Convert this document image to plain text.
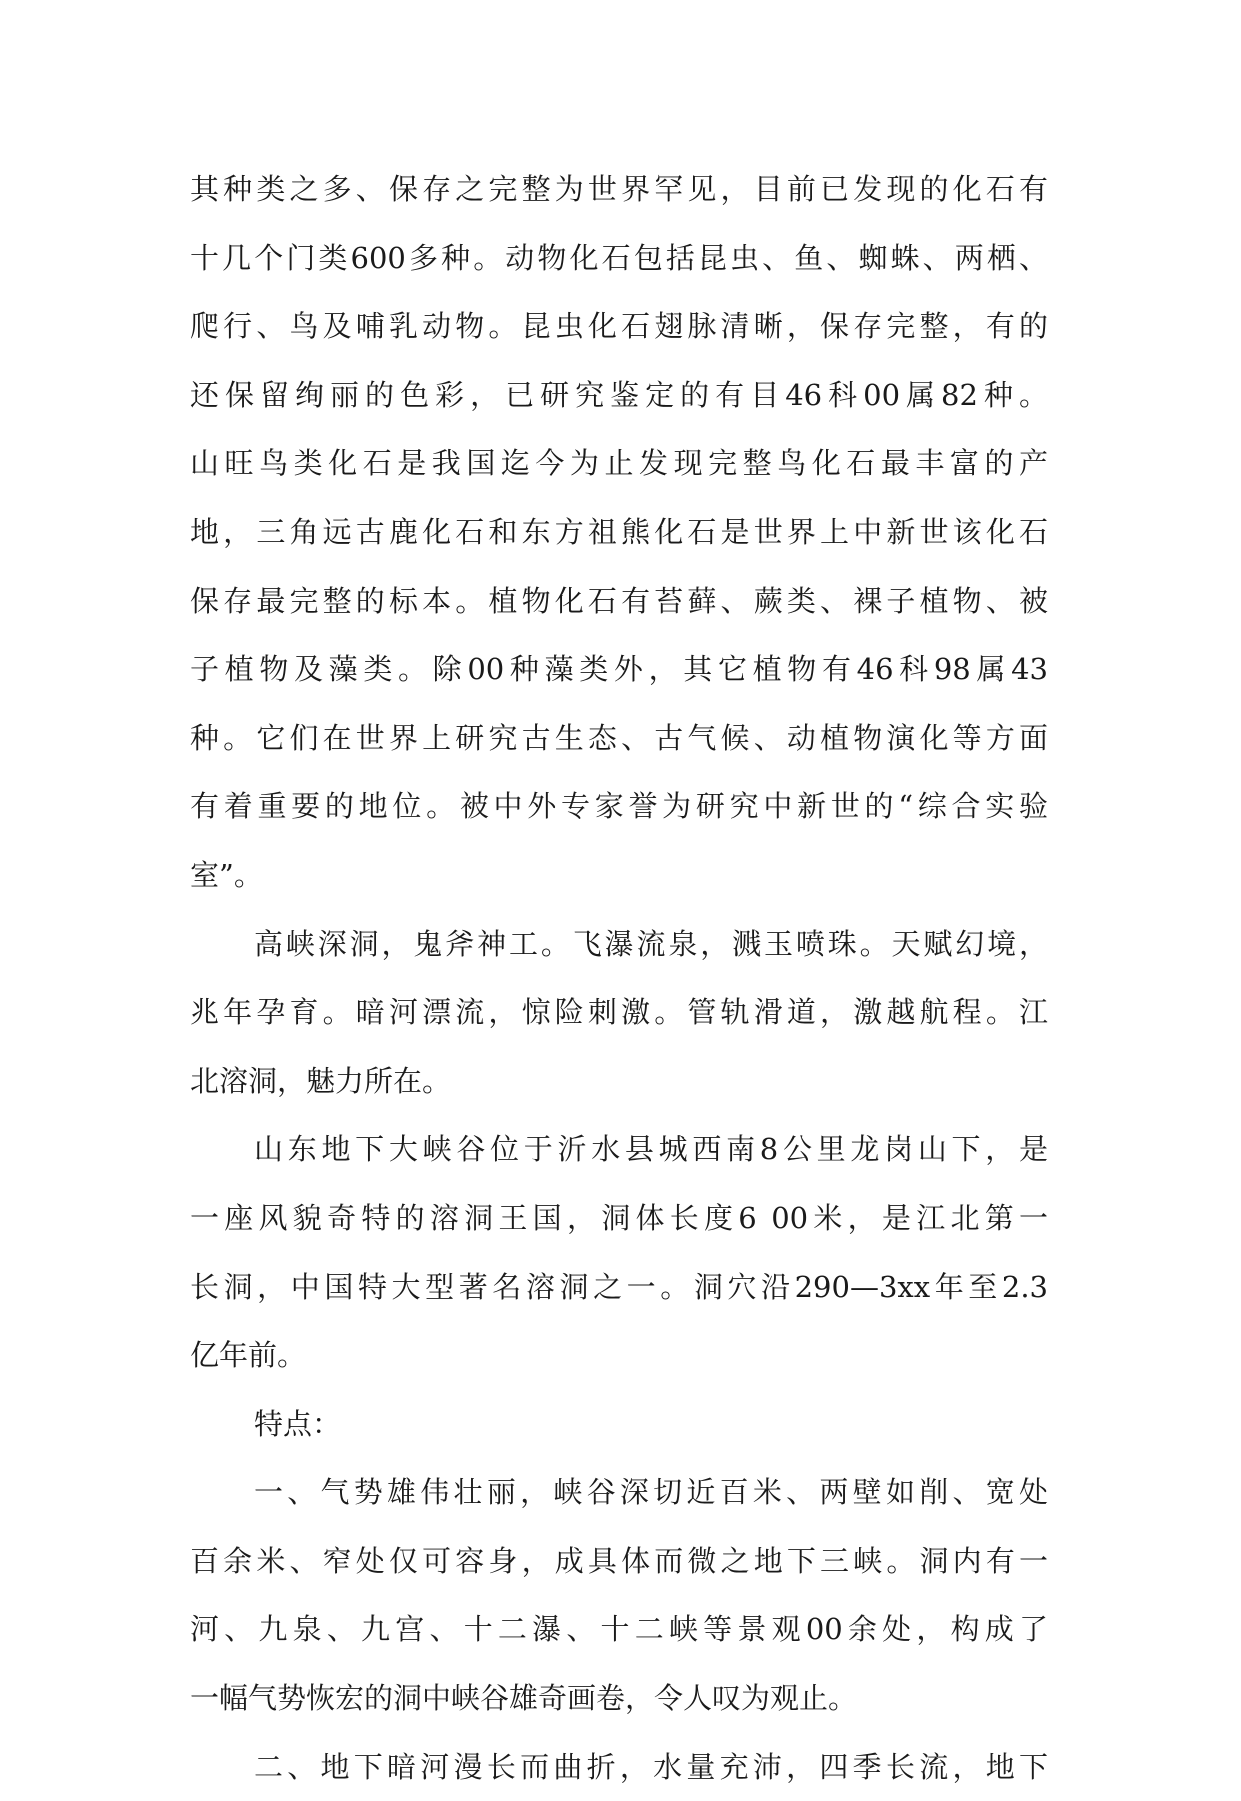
其种类之多、保存之完整为世界罕见，目前已发现的化石有
十几个门类600多种。动物化石包括昆虫、鱼、蜘蛛、两栖、
爬行、鸟及哺乳动物。昆虫化石翅脉清晰，保存完整，有的
还保留绚丽的色彩，已研究鉴定的有目46科00属82种。
山旺鸟类化石是我国迄今为止发现完整鸟化石最丰富的产
地，三角远古鹿化石和东方祖熊化石是世界上中新世该化石
保存最完整的标本。植物化石有苔藓、蕨类、裸子植物、被
子植物及藻类。除00种藻类外，其它植物有46科98属43
种。它们在世界上研究古生态、古气候、动植物演化等方面
有着重要的地位。被中外专家誉为研究中新世的“综合实验
室”。

高峡深洞，鬼斧神工。飞瀑流泉，溅玉喷珠。天赋幻境，
兆年孕育。暗河漂流，惊险刺激。管轨滑道，激越航程。江
北溶洞，魅力所在。

山东地下大峡谷位于沂水县城西南8公里龙岗山下，是
一座风貌奇特的溶洞王国，洞体长度6 00米，是江北第一
长洞，中国特大型著名溶洞之一。洞穴沿290—3xx年至2.3
亿年前。

特点：

一、气势雄伟壮丽，峡谷深切近百米、两壁如削、宽处
百余米、窄处仅可容身，成具体而微之地下三峡。洞内有一
河、九泉、九宫、十二瀑、十二峡等景观00余处，构成了
一幅气势恢宏的洞中峡谷雄奇画卷，令人叹为观止。

二、地下暗河漫长而曲折，水量充沛，四季长流，地下
